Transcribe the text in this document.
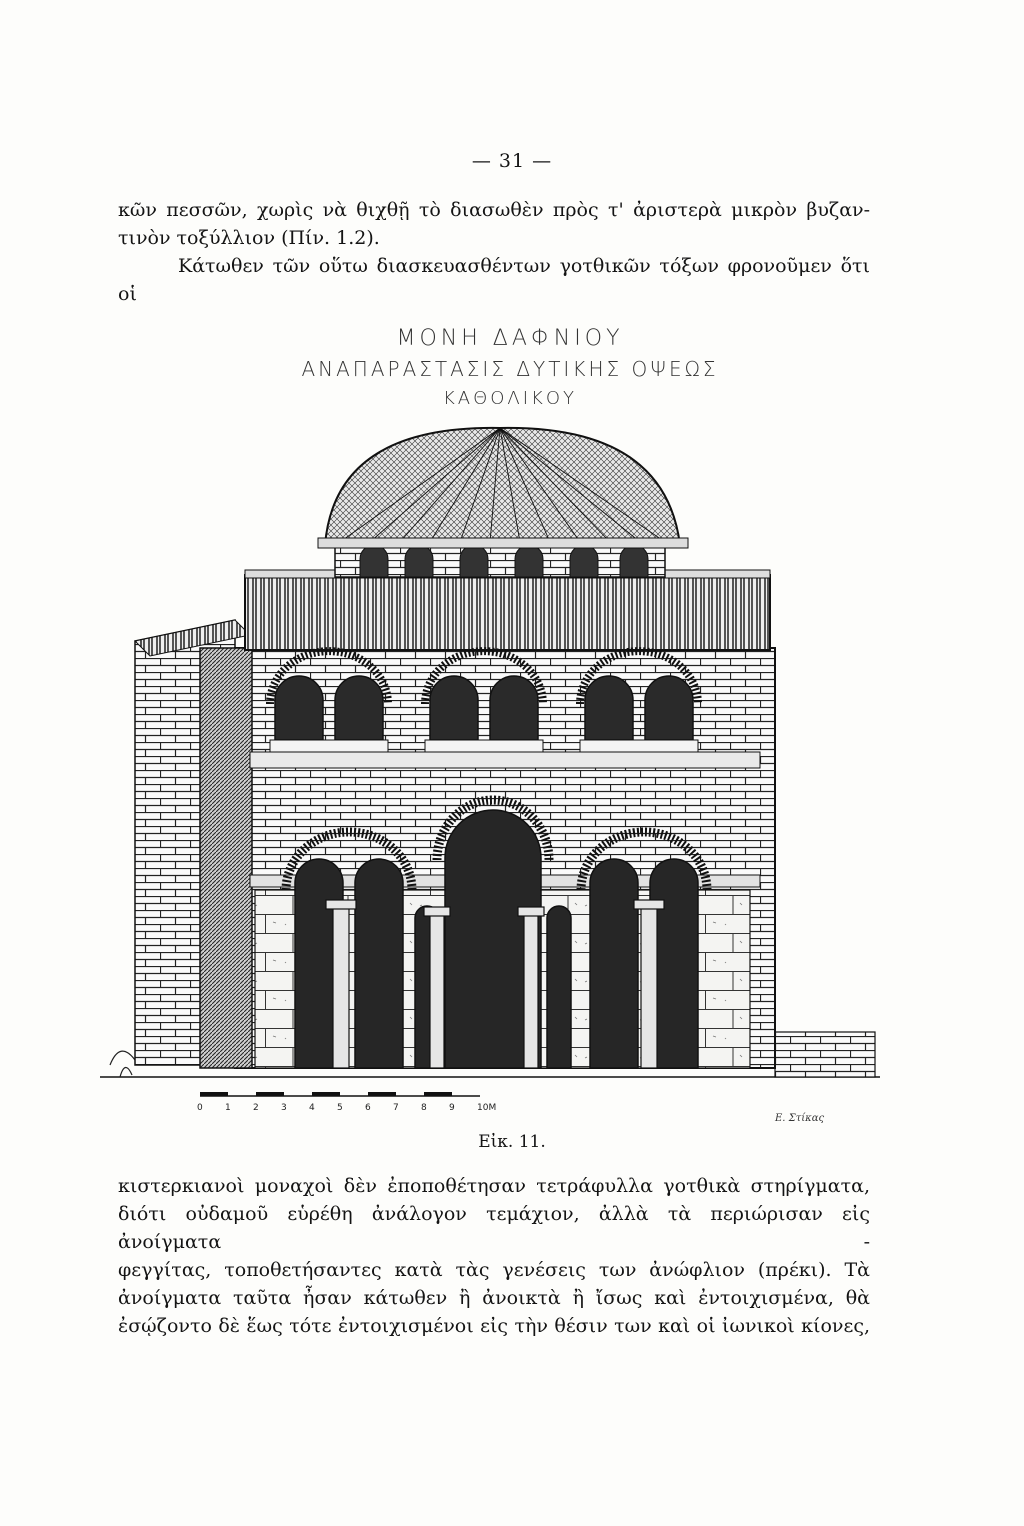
— 31 —

κῶν πεσσῶν, χωρὶς νὰ θιχθῇ τὸ διασωθὲν πρὸς τ' ἀριστερὰ μικρὸν βυζαν-

τινὸν τοξύλλιον (Πίν. 1.2).

Κάτωθεν τῶν οὕτω διασκευασθέντων γοτθικῶν τόξων φρονοῦμεν ὅτι οἱ

ΜΟΝΗ ΔΑΦΝΙΟΥ
ΑΝΑΠΑΡΑΣΤΑΣΙΣ ΔΥΤΙΚΗΣ ΟΨΕΩΣ
ΚΑΘΟΛΙΚΟΥ
0 1 2 3 4 5 6 7 8 9 10M
Ε. Στίκας
Εἰκ. 11.

κιστερκιανοὶ μοναχοὶ δὲν ἐποποθέτησαν τετράφυλλα γοτθικὰ στηρίγματα,

διότι οὐδαμοῦ εὑρέθη ἀνάλογον τεμάχιον, ἀλλὰ τὰ περιώρισαν εἰς ἀνοίγματα -

φεγγίτας, τοποθετήσαντες κατὰ τὰς γενέσεις των ἀνώφλιον (πρέκι). Τὰ

ἀνοίγματα ταῦτα ἦσαν κάτωθεν ἢ ἀνοικτὰ ἢ ἴσως καὶ ἐντοιχισμένα, θὰ

ἐσῴζοντο δὲ ἕως τότε ἐντοιχισμένοι εἰς τὴν θέσιν των καὶ οἱ ἰωνικοὶ κίονες,
